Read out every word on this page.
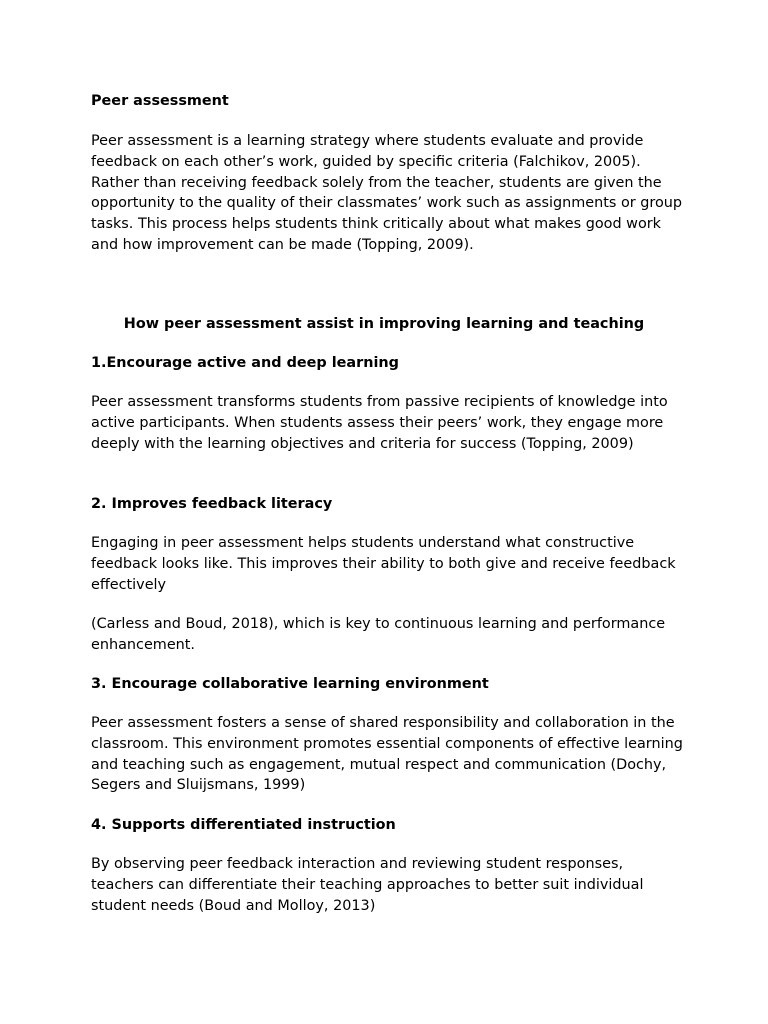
Peer assessment

Peer assessment is a learning strategy where students evaluate and provide feedback on each other’s work, guided by specific criteria (Falchikov, 2005). Rather than receiving feedback solely from the teacher, students are given the opportunity to the quality of their classmates’ work such as assignments or group tasks. This process helps students think critically about what makes good work and how improvement can be made (Topping, 2009).

How peer assessment assist in improving learning and teaching

1.Encourage active and deep learning

Peer assessment transforms students from passive recipients of knowledge into active participants. When students assess their peers’ work, they engage more deeply with the learning objectives and criteria for success (Topping, 2009)

2. Improves feedback literacy

Engaging in peer assessment helps students understand what constructive feedback looks like. This improves their ability to both give and receive feedback effectively

(Carless and Boud, 2018), which is key to continuous learning and performance enhancement.

3. Encourage collaborative learning environment

Peer assessment fosters a sense of shared responsibility and collaboration in the classroom. This environment promotes essential components of effective learning and teaching such as engagement, mutual respect and communication (Dochy, Segers and Sluijsmans, 1999)

4. Supports differentiated instruction

By observing peer feedback interaction and reviewing student responses, teachers can differentiate their teaching approaches to better suit individual student needs (Boud and Molloy, 2013)
